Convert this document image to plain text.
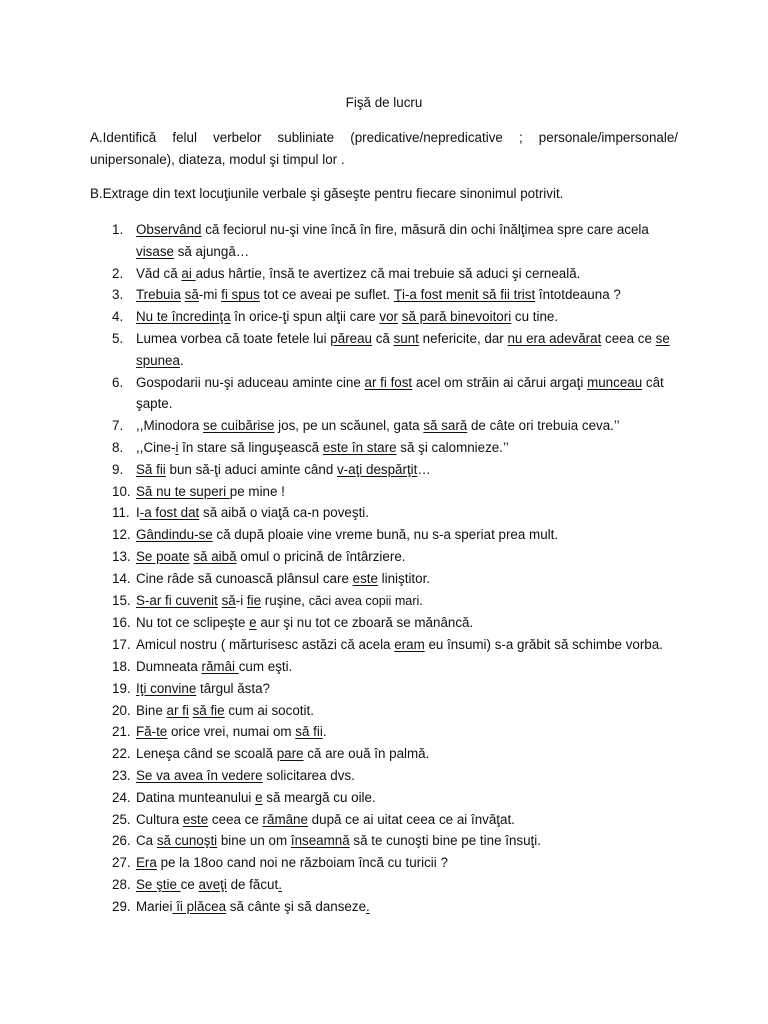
Fişă de lucru
A.Identifică felul verbelor subliniate (predicative/nepredicative ; personale/impersonale/ unipersonale), diateza, modul şi timpul lor .
B.Extrage din text locuţiunile verbale şi găseşte pentru fiecare sinonimul potrivit.
1. Observând că feciorul nu-şi vine încă în fire, măsură din ochi înălţimea spre care acela visase să ajungă…
2. Văd că ai adus hârtie, însă te avertizez că mai trebuie să aduci şi cerneală.
3. Trebuia să-mi fi spus tot ce aveai pe suflet. Ţi-a fost menit să fii trist întotdeauna ?
4. Nu te încredinţa în orice-ţi spun alţii care vor să pară binevoitori cu tine.
5. Lumea vorbea că toate fetele lui păreau că sunt nefericite, dar nu era adevărat ceea ce se spunea.
6. Gospodarii nu-şi aduceau aminte cine ar fi fost acel om străin ai cărui argaţi munceau cât şapte.
7. ,,Minodora se cuibărise jos, pe un scăunel, gata să sară de câte ori trebuia ceva.’’
8. ,,Cine-i în stare să linguşească este în stare să şi calomnieze.’’
9. Să fii bun să-ţi aduci aminte când v-aţi despărţit…
10. Să nu te superi pe mine !
11. I-a fost dat să aibă o viaţă ca-n poveşti.
12. Gândindu-se că după ploaie vine vreme bună, nu s-a speriat prea mult.
13. Se poate să aibă omul o pricină de întârziere.
14. Cine râde să cunoască plânsul care este liniştitor.
15. S-ar fi cuvenit să-i fie ruşine, căci avea copii mari.
16. Nu tot ce sclipeşte e aur şi nu tot ce zboară se mănâncă.
17. Amicul nostru ( mărturisesc astăzi că acela eram eu însumi) s-a grăbit să schimbe vorba.
18. Dumneata rămâi cum eşti.
19. Iţi convine târgul ăsta?
20. Bine ar fi să fie cum ai socotit.
21. Fă-te orice vrei, numai om să fii.
22. Leneşa când se scoală pare că are ouă în palmă.
23. Se va avea în vedere solicitarea dvs.
24. Datina munteanului e să meargă cu oile.
25. Cultura este ceea ce rămâne după ce ai uitat ceea ce ai învăţat.
26. Ca să cunoşti bine un om înseamnă să te cunoşti bine pe tine însuţi.
27. Era pe la 18oo cand noi ne războiam încă cu turicii ?
28. Se ştie ce aveţi de făcut.
29. Mariei îi plăcea să cânte şi să danseze.
